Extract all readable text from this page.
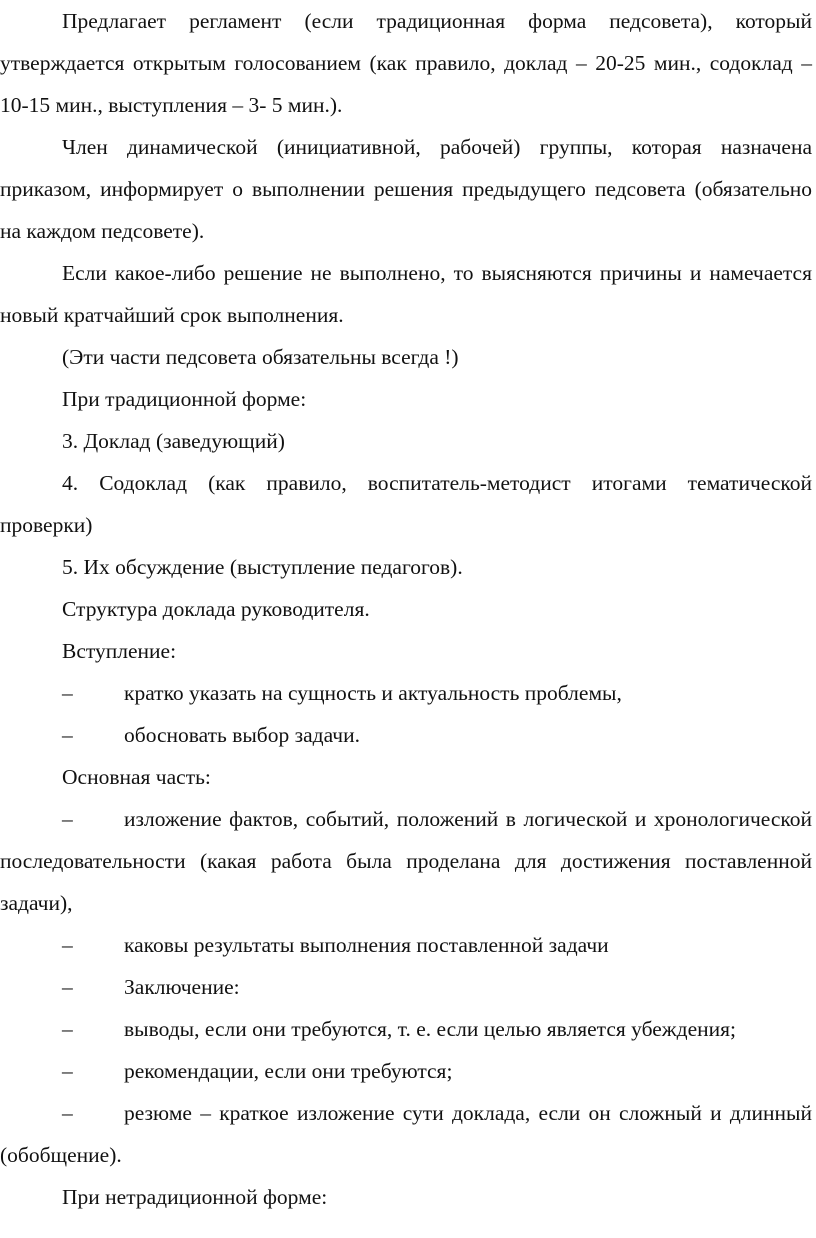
Предлагает регламент (если традиционная форма педсовета), который утверждается открытым голосованием (как правило, доклад – 20-25 мин., содоклад – 10-15 мин., выступления – 3- 5 мин.).

Член динамической (инициативной, рабочей) группы, которая назначена приказом, информирует о выполнении решения предыдущего педсовета (обязательно на каждом педсовете).

Если какое-либо решение не выполнено, то выясняются причины и намечается новый кратчайший срок выполнения.

(Эти части педсовета обязательны всегда !)

При традиционной форме:

3. Доклад (заведующий)

4. Содоклад (как правило, воспитатель-методист итогами тематической проверки)

5. Их обсуждение (выступление педагогов).

Структура доклада руководителя.

Вступление:

– кратко указать на сущность и актуальность проблемы,

– обосновать выбор задачи.

Основная часть:

– изложение фактов, событий, положений в логической и хронологической последовательности (какая работа была проделана для достижения поставленной задачи),

– каковы результаты выполнения поставленной задачи

– Заключение:

– выводы, если они требуются, т. е. если целью является убеждения;

– рекомендации, если они требуются;

– резюме – краткое изложение сути доклада, если он сложный и длинный (обобщение).

При нетрадиционной форме:
